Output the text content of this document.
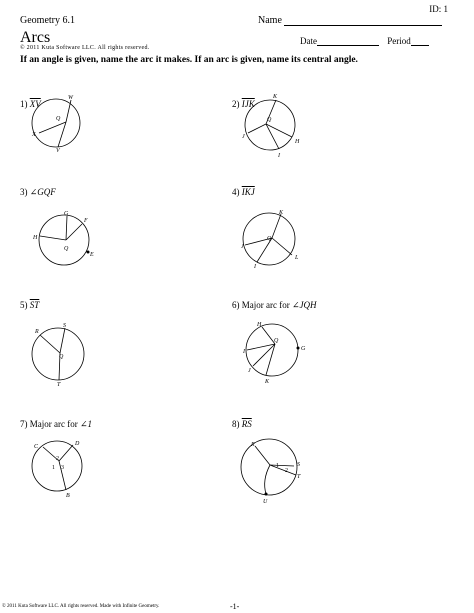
ID: 1
Geometry 6.1	Name
Arcs
© 2011 Kuta Software LLC. All rights reserved.
Date	Period
If an angle is given, name the arc it makes. If an arc is given, name its central angle.
1) $\overline{XV}$	2) $\overline{IJK}$
3) ∠GQF	4) $\overline{IKJ}$
5) $\overline{ST}$	6) Major arc for ∠JQH
7) Major arc for ∠1	8) $\overline{RS}$
W
X
V
Q
K
J
H
I
Q
G
F
H
Q
E
K
J
I
L
Q
S
R
Q
T
H
I
J
K
Q
G
C	D
B
2
1 3
R
S
T
U
1
2
© 2011 Kuta Software LLC. All rights reserved. Made with Infinite Geometry.	-1-
